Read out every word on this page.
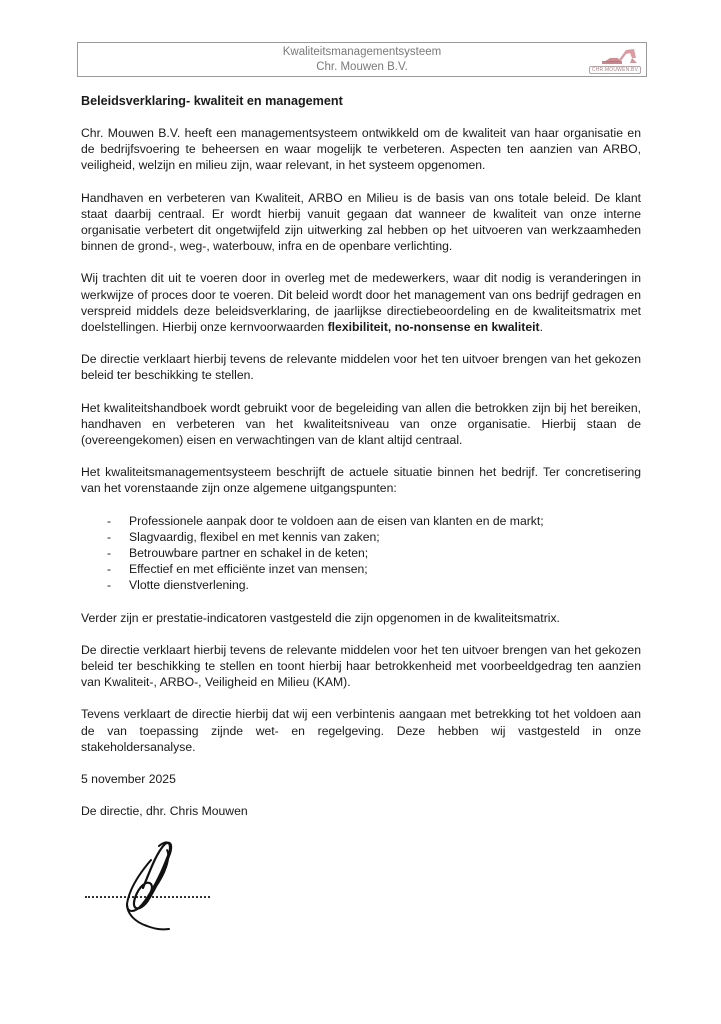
Kwaliteitsmanagementsysteem
Chr. Mouwen B.V.	CHR.MOUWEN.BV
Beleidsverklaring- kwaliteit en management

Chr. Mouwen B.V. heeft een managementsysteem ontwikkeld om de kwaliteit van haar organisatie en de bedrijfsvoering te beheersen en waar mogelijk te verbeteren. Aspecten ten aanzien van ARBO, veiligheid, welzijn en milieu zijn, waar relevant, in het systeem opgenomen.

Handhaven en verbeteren van Kwaliteit, ARBO en Milieu is de basis van ons totale beleid. De klant staat daarbij centraal. Er wordt hierbij vanuit gegaan dat wanneer de kwaliteit van onze interne organisatie verbetert dit ongetwijfeld zijn uitwerking zal hebben op het uitvoeren van werkzaamheden binnen de grond-, weg-, waterbouw, infra en de openbare verlichting.

Wij trachten dit uit te voeren door in overleg met de medewerkers, waar dit nodig is veranderingen in werkwijze of proces door te voeren. Dit beleid wordt door het management van ons bedrijf gedragen en verspreid middels deze beleidsverklaring, de jaarlijkse directiebeoordeling en de kwaliteitsmatrix met doelstellingen. Hierbij onze kernvoorwaarden flexibiliteit, no-nonsense en kwaliteit.

De directie verklaart hierbij tevens de relevante middelen voor het ten uitvoer brengen van het gekozen beleid ter beschikking te stellen.

Het kwaliteitshandboek wordt gebruikt voor de begeleiding van allen die betrokken zijn bij het bereiken, handhaven en verbeteren van het kwaliteitsniveau van onze organisatie. Hierbij staan de (overeengekomen) eisen en verwachtingen van de klant altijd centraal.

Het kwaliteitsmanagementsysteem beschrijft de actuele situatie binnen het bedrijf. Ter concretisering van het vorenstaande zijn onze algemene uitgangspunten:

- Professionele aanpak door te voldoen aan de eisen van klanten en de markt;
- Slagvaardig, flexibel en met kennis van zaken;
- Betrouwbare partner en schakel in de keten;
- Effectief en met efficiënte inzet van mensen;
- Vlotte dienstverlening.

Verder zijn er prestatie-indicatoren vastgesteld die zijn opgenomen in de kwaliteitsmatrix.

De directie verklaart hierbij tevens de relevante middelen voor het ten uitvoer brengen van het gekozen beleid ter beschikking te stellen en toont hierbij haar betrokkenheid met voorbeeldgedrag ten aanzien van Kwaliteit-, ARBO-, Veiligheid en Milieu (KAM).

Tevens verklaart de directie hierbij dat wij een verbintenis aangaan met betrekking tot het voldoen aan de van toepassing zijnde wet- en regelgeving. Deze hebben wij vastgesteld in onze stakeholdersanalyse.

5 november 2025

De directie, dhr. Chris Mouwen
